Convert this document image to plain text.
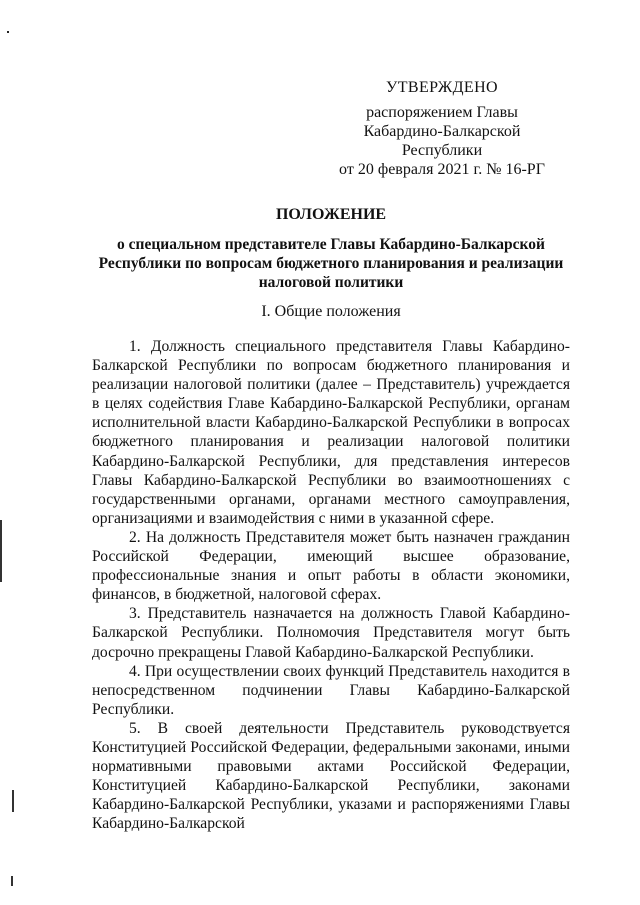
УТВЕРЖДЕНО
распоряжением Главы
Кабардино-Балкарской Республики
от 20 февраля 2021 г. № 16-РГ
ПОЛОЖЕНИЕ
о специальном представителе Главы Кабардино-Балкарской Республики по вопросам бюджетного планирования и реализации налоговой политики
I. Общие положения

1. Должность специального представителя Главы Кабардино-Балкарской Республики по вопросам бюджетного планирования и реализации налоговой политики (далее – Представитель) учреждается в целях содействия Главе Кабардино-Балкарской Республики, органам исполнительной власти Кабардино-Балкарской Республики в вопросах бюджетного планирования и реализации налоговой политики Кабардино-Балкарской Республики, для представления интересов Главы Кабардино-Балкарской Республики во взаимоотношениях с государственными органами, органами местного самоуправления, организациями и взаимодействия с ними в указанной сфере.

2. На должность Представителя может быть назначен гражданин Российской Федерации, имеющий высшее образование, профессиональные знания и опыт работы в области экономики, финансов, в бюджетной, налоговой сферах.

3. Представитель назначается на должность Главой Кабардино-Балкарской Республики. Полномочия Представителя могут быть досрочно прекращены Главой Кабардино-Балкарской Республики.

4. При осуществлении своих функций Представитель находится в непосредственном подчинении Главы Кабардино-Балкарской Республики.

5. В своей деятельности Представитель руководствуется Конституцией Российской Федерации, федеральными законами, иными нормативными правовыми актами Российской Федерации, Конституцией Кабардино-Балкарской Республики, законами Кабардино-Балкарской Республики, указами и распоряжениями Главы Кабардино-Балкарской
